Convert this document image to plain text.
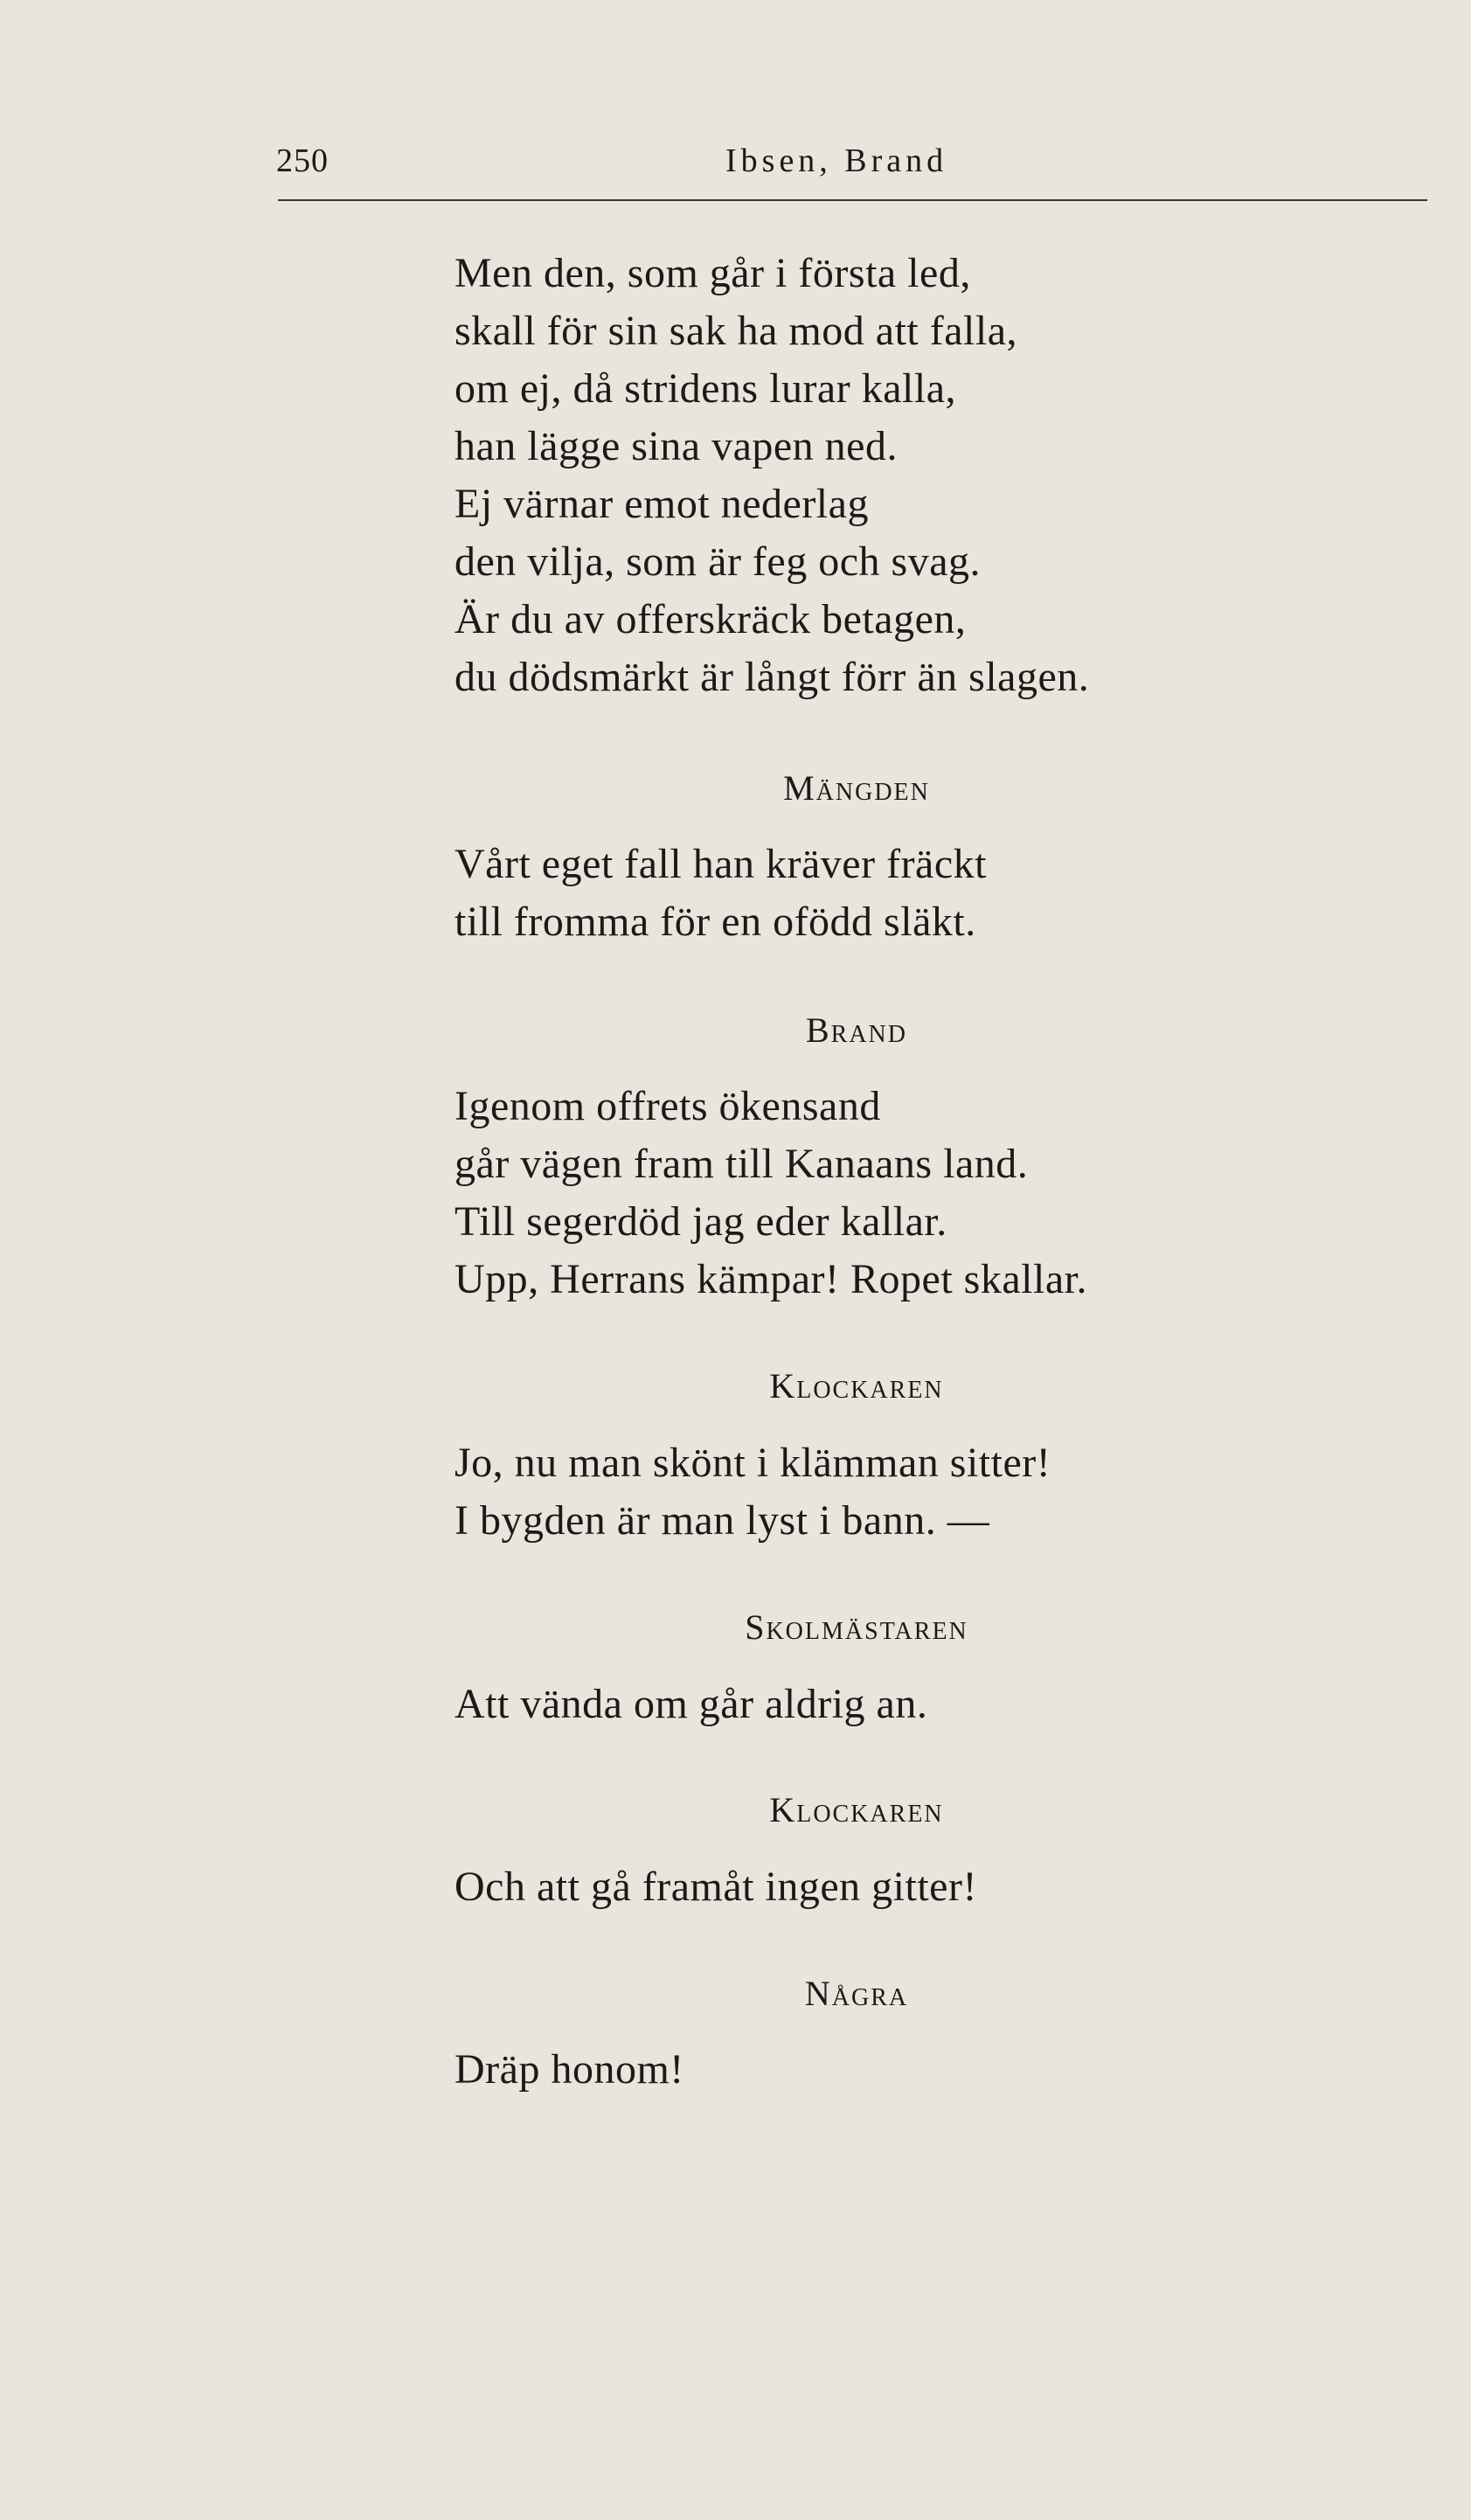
250	Ibsen, Brand
Men den, som går i första led,
skall för sin sak ha mod att falla,
om ej, då stridens lurar kalla,
han lägge sina vapen ned.
Ej värnar emot nederlag
den vilja, som är feg och svag.
Är du av offerskräck betagen,
du dödsmärkt är långt förr än slagen.
Mängden
Vårt eget fall han kräver fräckt
till fromma för en ofödd släkt.
Brand
Igenom offrets ökensand
går vägen fram till Kanaans land.
Till segerdöd jag eder kallar.
Upp, Herrans kämpar! Ropet skallar.
Klockaren
Jo, nu man skönt i klämman sitter!
I bygden är man lyst i bann. —
Skolmästaren
Att vända om går aldrig an.
Klockaren
Och att gå framåt ingen gitter!
Några
Dräp honom!
